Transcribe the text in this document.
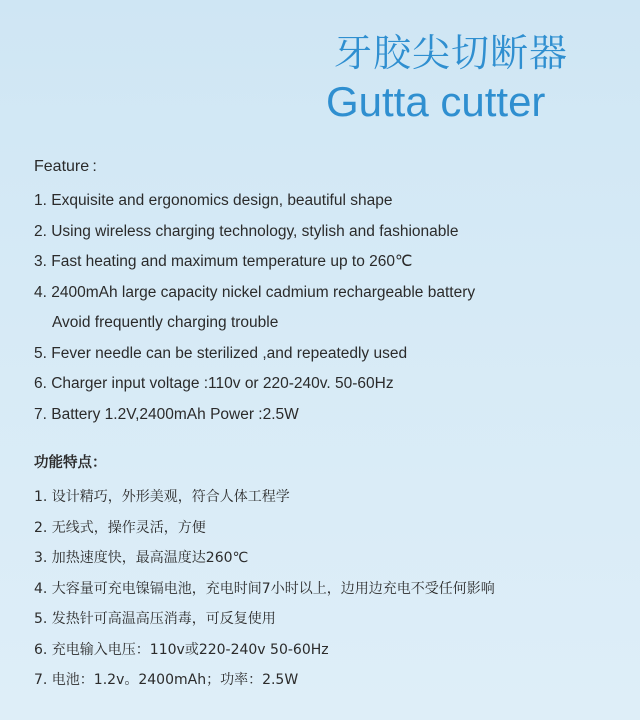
牙胶尖切断器
Gutta cutter
Feature :
1. Exquisite and ergonomics design, beautiful shape
2. Using wireless charging technology, stylish and fashionable
3. Fast heating and maximum temperature up to 260℃
4. 2400mAh large capacity nickel cadmium rechargeable battery
Avoid frequently charging trouble
5. Fever needle can be sterilized ,and repeatedly used
6. Charger input voltage :110v or 220-240v. 50-60Hz
7. Battery 1.2V,2400mAh Power :2.5W
功能特点：
1. 设计精巧，外形美观，符合人体工程学
2. 无线式，操作灵活，方便
3. 加热速度快，最高温度达260℃
4. 大容量可充电镍镉电池，充电时间7小时以上，边用边充电不受任何影响
5. 发热针可高温高压消毒，可反复使用
6. 充电输入电压：110v或220-240v 50-60Hz
7. 电池：1.2v。2400mAh；功率：2.5W
